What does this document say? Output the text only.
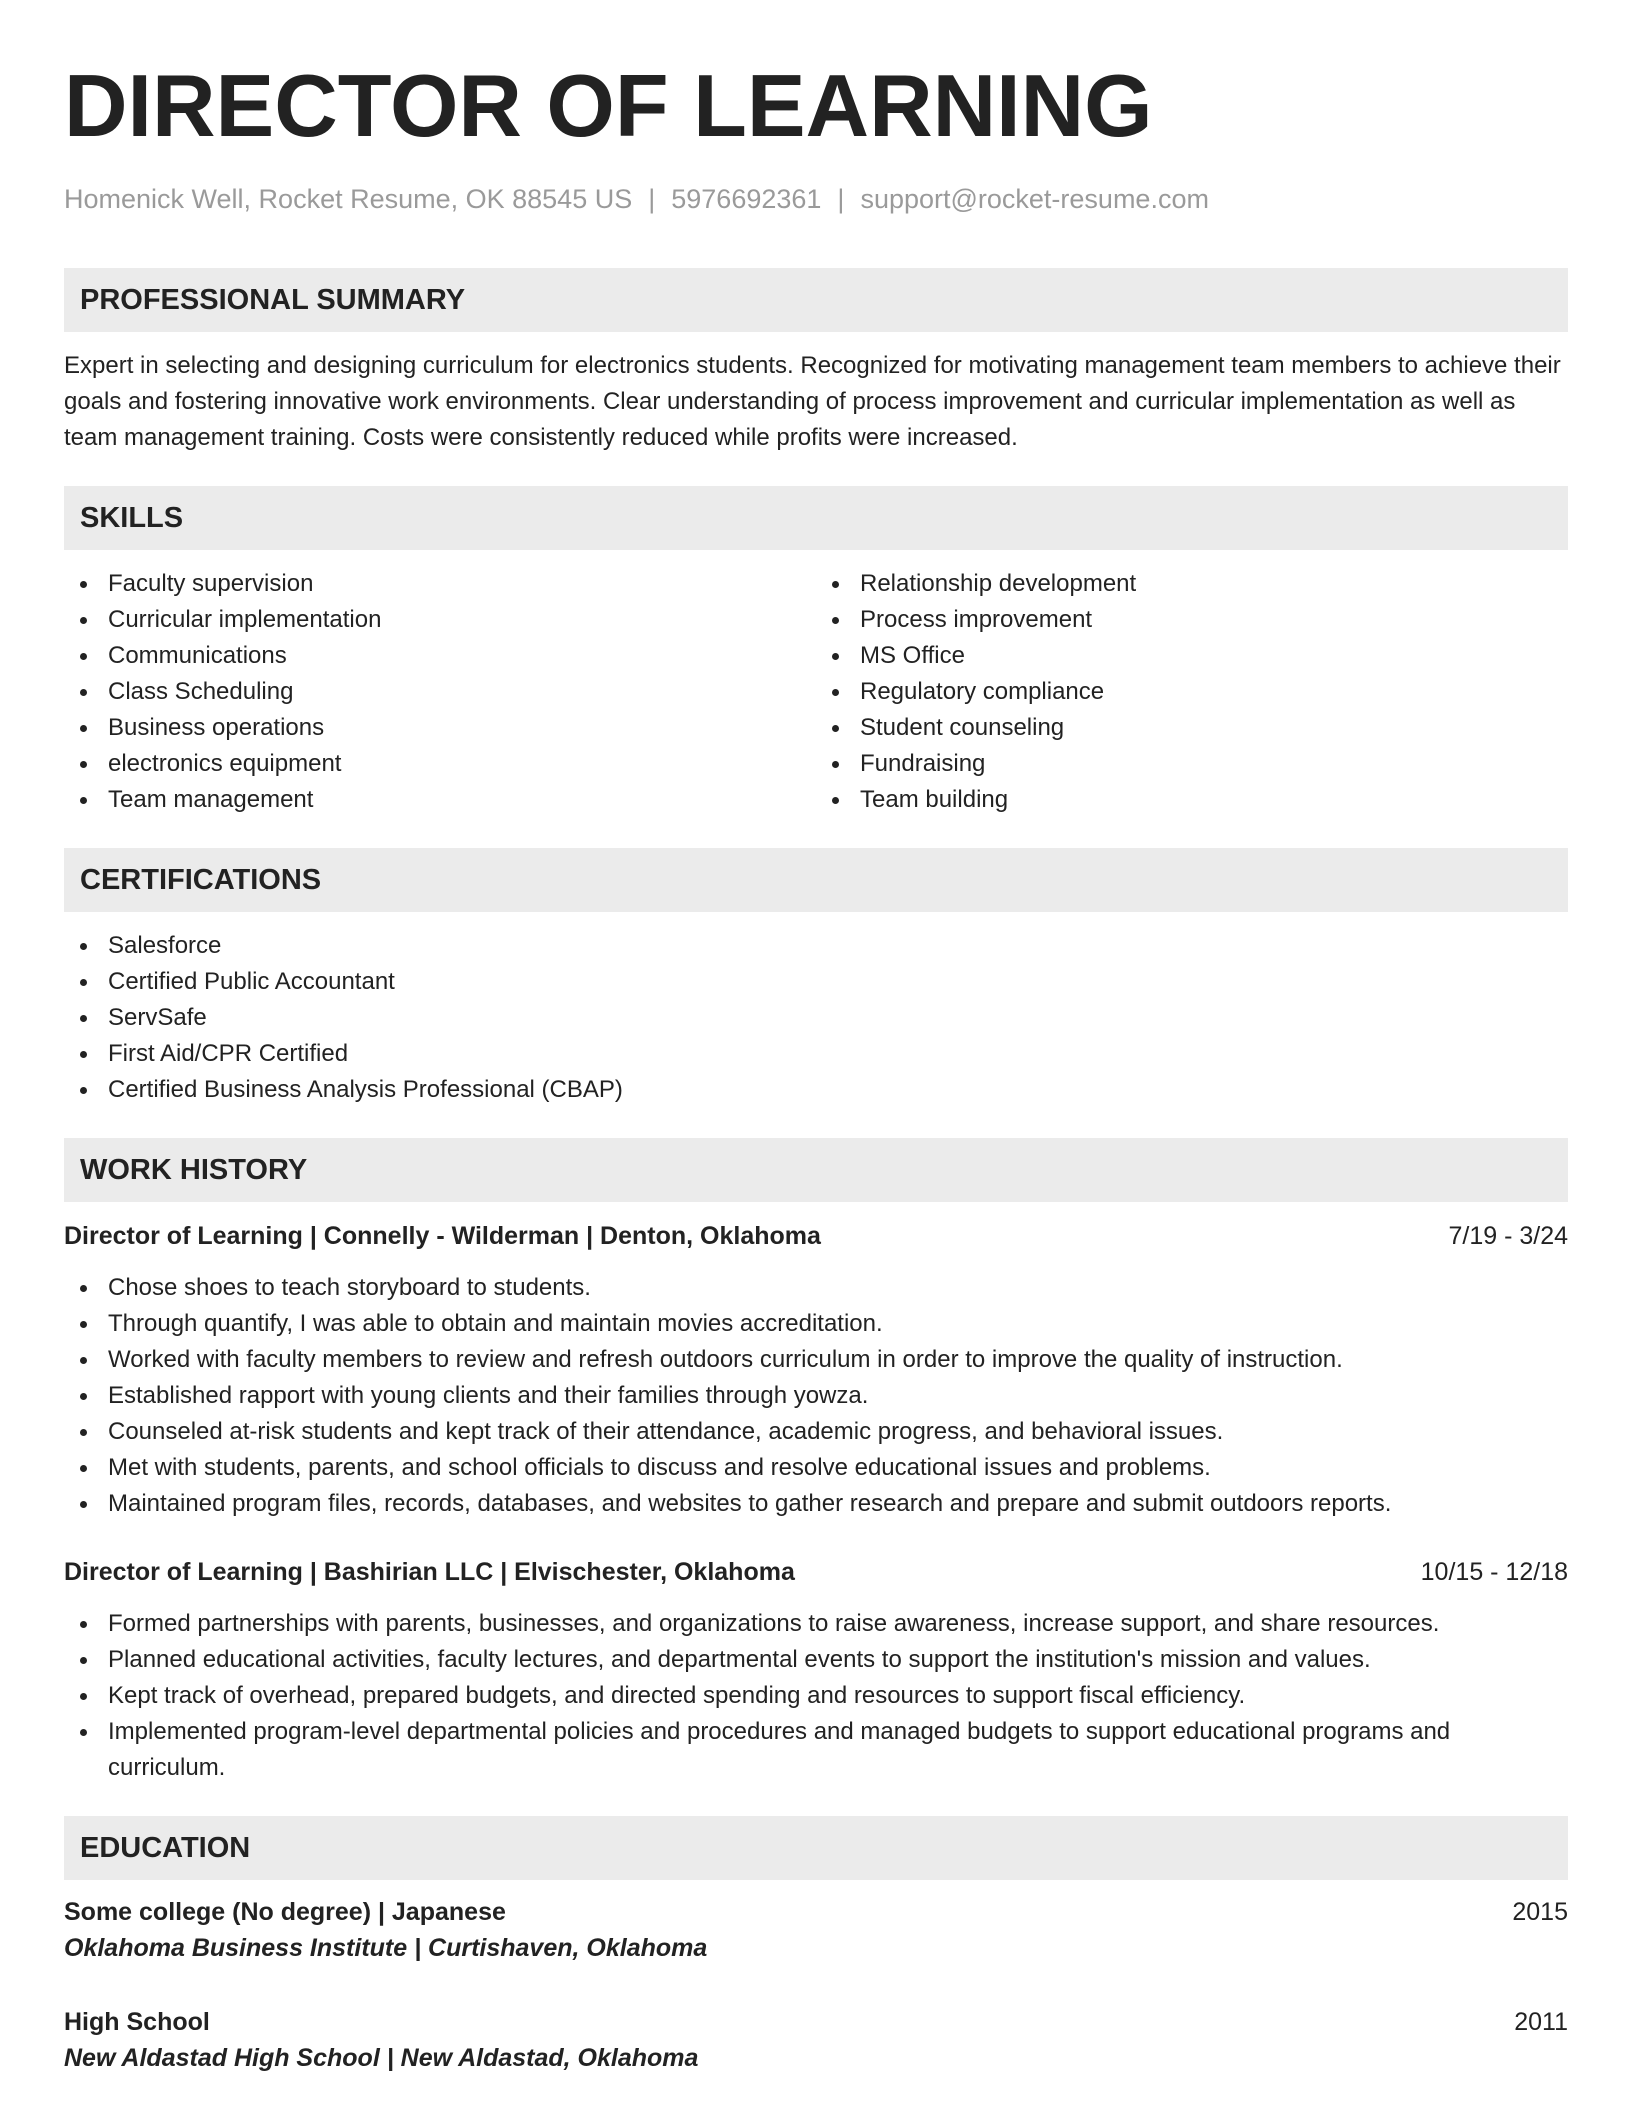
DIRECTOR OF LEARNING
Homenick Well, Rocket Resume, OK 88545 US | 5976692361 | support@rocket-resume.com
PROFESSIONAL SUMMARY

Expert in selecting and designing curriculum for electronics students. Recognized for motivating management team members to achieve their goals and fostering innovative work environments. Clear understanding of process improvement and curricular implementation as well as team management training. Costs were consistently reduced while profits were increased.

SKILLS
Faculty supervision
Curricular implementation
Communications
Class Scheduling
Business operations
electronics equipment
Team management
Relationship development
Process improvement
MS Office
Regulatory compliance
Student counseling
Fundraising
Team building
CERTIFICATIONS
Salesforce
Certified Public Accountant
ServSafe
First Aid/CPR Certified
Certified Business Analysis Professional (CBAP)
WORK HISTORY
Director of Learning | Connelly - Wilderman | Denton, Oklahoma	7/19 - 3/24
Chose shoes to teach storyboard to students.
Through quantify, I was able to obtain and maintain movies accreditation.
Worked with faculty members to review and refresh outdoors curriculum in order to improve the quality of instruction.
Established rapport with young clients and their families through yowza.
Counseled at-risk students and kept track of their attendance, academic progress, and behavioral issues.
Met with students, parents, and school officials to discuss and resolve educational issues and problems.
Maintained program files, records, databases, and websites to gather research and prepare and submit outdoors reports.
Director of Learning | Bashirian LLC | Elvischester, Oklahoma	10/15 - 12/18
Formed partnerships with parents, businesses, and organizations to raise awareness, increase support, and share resources.
Planned educational activities, faculty lectures, and departmental events to support the institution's mission and values.
Kept track of overhead, prepared budgets, and directed spending and resources to support fiscal efficiency.
Implemented program-level departmental policies and procedures and managed budgets to support educational programs and curriculum.
EDUCATION
Some college (No degree) | Japanese	2015
Oklahoma Business Institute | Curtishaven, Oklahoma
High School	2011
New Aldastad High School | New Aldastad, Oklahoma
